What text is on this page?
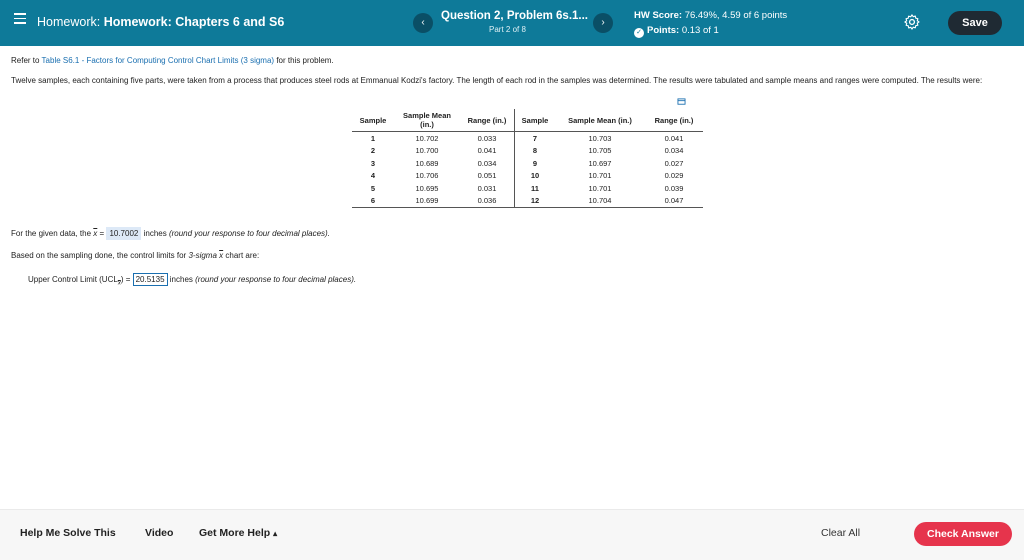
Homework: Homework: Chapters 6 and S6	‹
Question 2, Problem 6s.1...
Part 2 of 8
›
HW Score: 76.49%, 4.59 of 6 points
✓ Points: 0.13 of 1
Save
Refer to Table S6.1 - Factors for Computing Control Chart Limits (3 sigma) for this problem.
Twelve samples, each containing five parts, were taken from a process that produces steel rods at Emmanual Kodzi's factory. The length of each rod in the samples was determined. The results were tabulated and sample means and ranges were computed. The results were:
Sample	Sample Mean (in.)	Range (in.)	Sample	Sample Mean (in.)	Range (in.)
1	10.702	0.033	7	10.703	0.041
2	10.700	0.041	8	10.705	0.034
3	10.689	0.034	9	10.697	0.027
4	10.706	0.051	10	10.701	0.029
5	10.695	0.031	11	10.701	0.039
6	10.699	0.036	12	10.704	0.047
For the given data, the $\overline{x} = 10.7002$ inches (round your response to four decimal places).
Based on the sampling done, the control limits for 3-sigma $\overline{x}$ chart are:
Upper Control Limit $(UCL_{\overline{x}}) = 20.5135$ inches (round your response to four decimal places).
Help Me Solve This	Video Get More Help ▴	Clear All	Check Answer
